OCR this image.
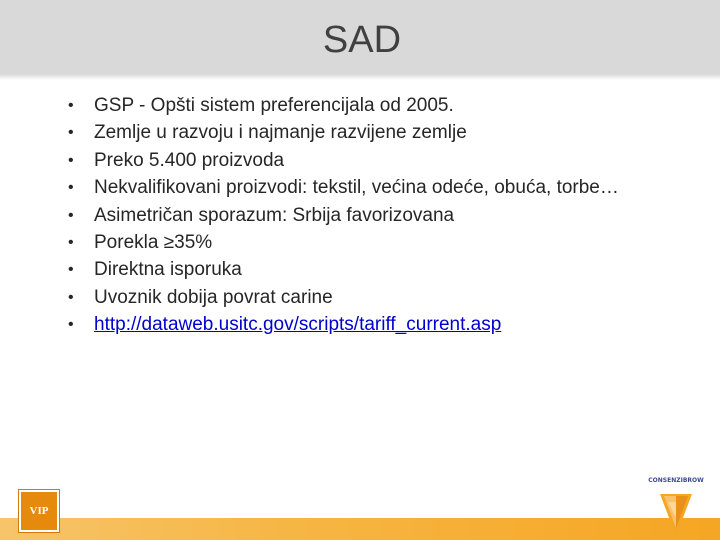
SAD
• GSP - Opšti sistem preferencijala od 2005.
• Zemlje u razvoju i najmanje razvijene zemlje
• Preko 5.400 proizvoda
• Nekvalifikovani proizvodi: tekstil, većina odeće, obuća, torbe…
• Asimetričan sporazum: Srbija favorizovana
• Porekla ≥35%
• Direktna isporuka
• Uvoznik dobija povrat carine
• http://dataweb.usitc.gov/scripts/tariff_current.asp
VIP
CONSENZIBROW
